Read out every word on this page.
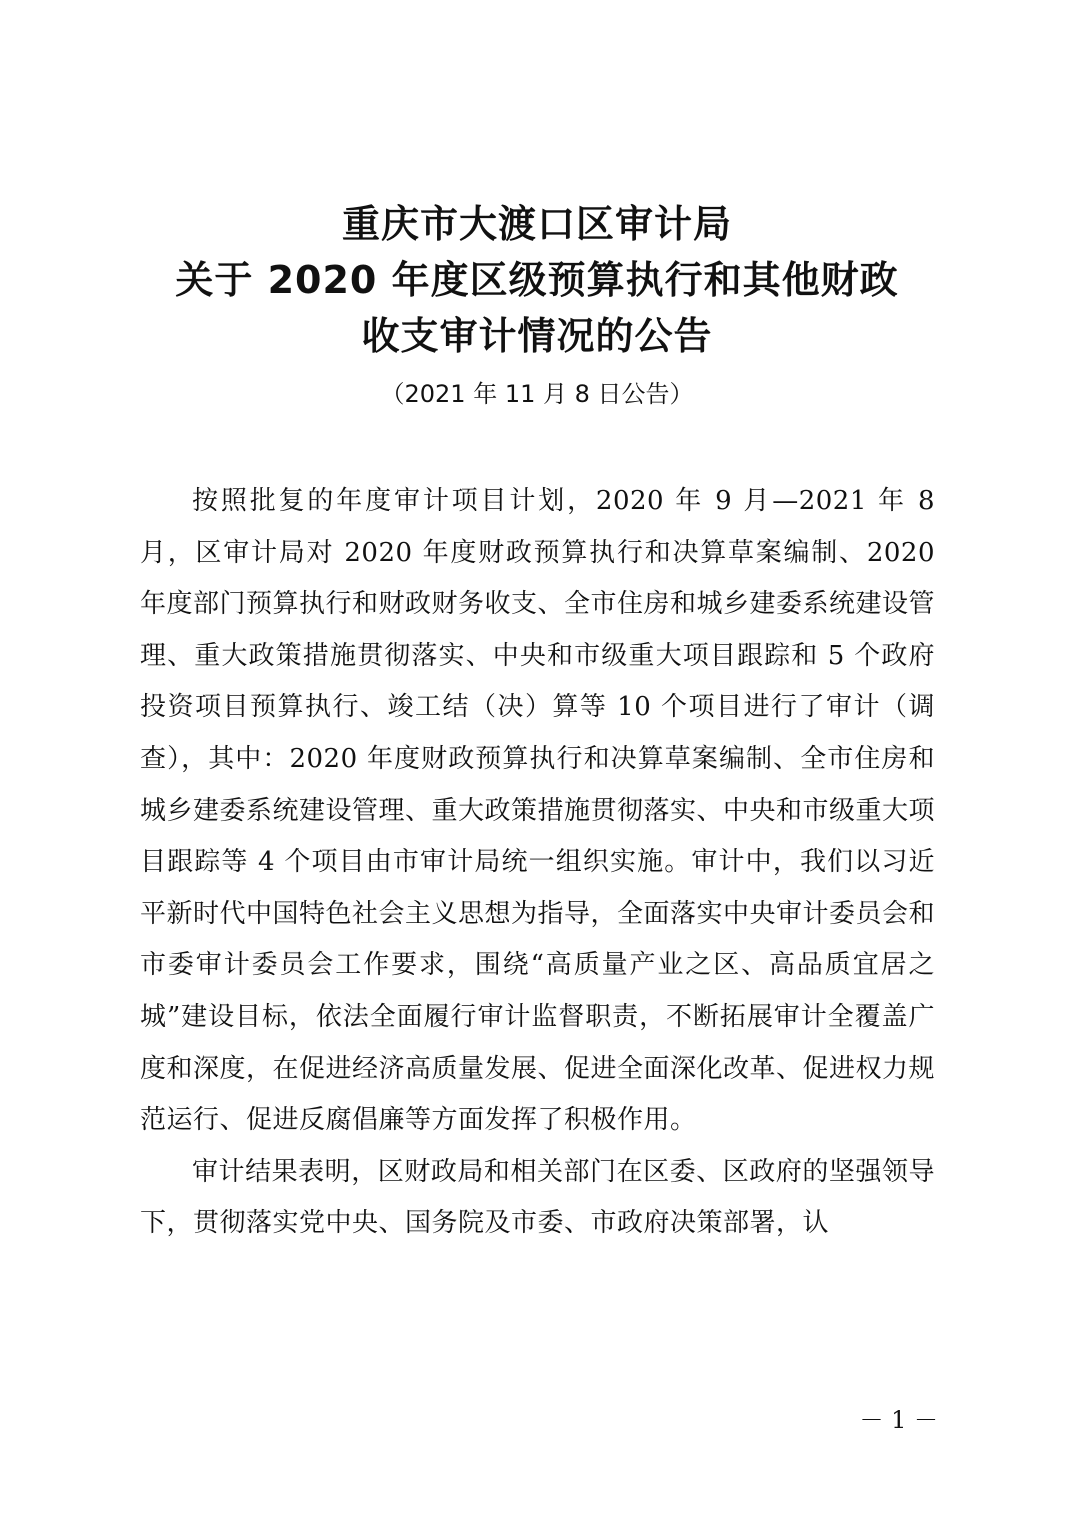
重庆市大渡口区审计局
关于 2020 年度区级预算执行和其他财政
收支审计情况的公告
（2021 年 11 月 8 日公告）

按照批复的年度审计项目计划，2020 年 9 月—2021 年 8 月，区审计局对 2020 年度财政预算执行和决算草案编制、2020 年度部门预算执行和财政财务收支、全市住房和城乡建委系统建设管理、重大政策措施贯彻落实、中央和市级重大项目跟踪和 5 个政府投资项目预算执行、竣工结（决）算等 10 个项目进行了审计（调查），其中：2020 年度财政预算执行和决算草案编制、全市住房和城乡建委系统建设管理、重大政策措施贯彻落实、中央和市级重大项目跟踪等 4 个项目由市审计局统一组织实施。审计中，我们以习近平新时代中国特色社会主义思想为指导，全面落实中央审计委员会和市委审计委员会工作要求，围绕“高质量产业之区、高品质宜居之城”建设目标，依法全面履行审计监督职责，不断拓展审计全覆盖广度和深度，在促进经济高质量发展、促进全面深化改革、促进权力规范运行、促进反腐倡廉等方面发挥了积极作用。

审计结果表明，区财政局和相关部门在区委、区政府的坚强领导下，贯彻落实党中央、国务院及市委、市政府决策部署，认

－ 1 －
